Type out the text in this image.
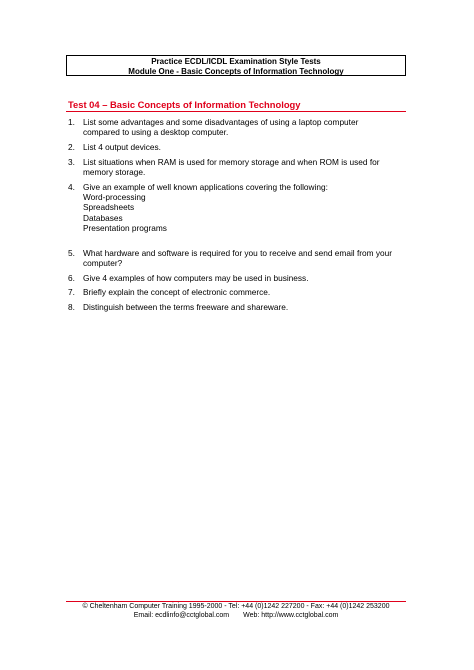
Practice ECDL/ICDL Examination Style Tests
Module One - Basic Concepts of Information Technology
Test 04 – Basic Concepts of Information Technology
1. List some advantages and some disadvantages of using a laptop computer
compared to using a desktop computer.
2. List 4 output devices.
3. List situations when RAM is used for memory storage and when ROM is used for
memory storage.
4. Give an example of well known applications covering the following:
Word-processing
Spreadsheets
Databases
Presentation programs
5. What hardware and software is required for you to receive and send email from your
computer?
6. Give 4 examples of how computers may be used in business.
7. Briefly explain the concept of electronic commerce.
8. Distinguish between the terms freeware and shareware.
© Cheltenham Computer Training 1995-2000 - Tel: +44 (0)1242 227200 - Fax: +44 (0)1242 253200
Email: ecdlinfo@cctglobal.com Web: http://www.cctglobal.com
